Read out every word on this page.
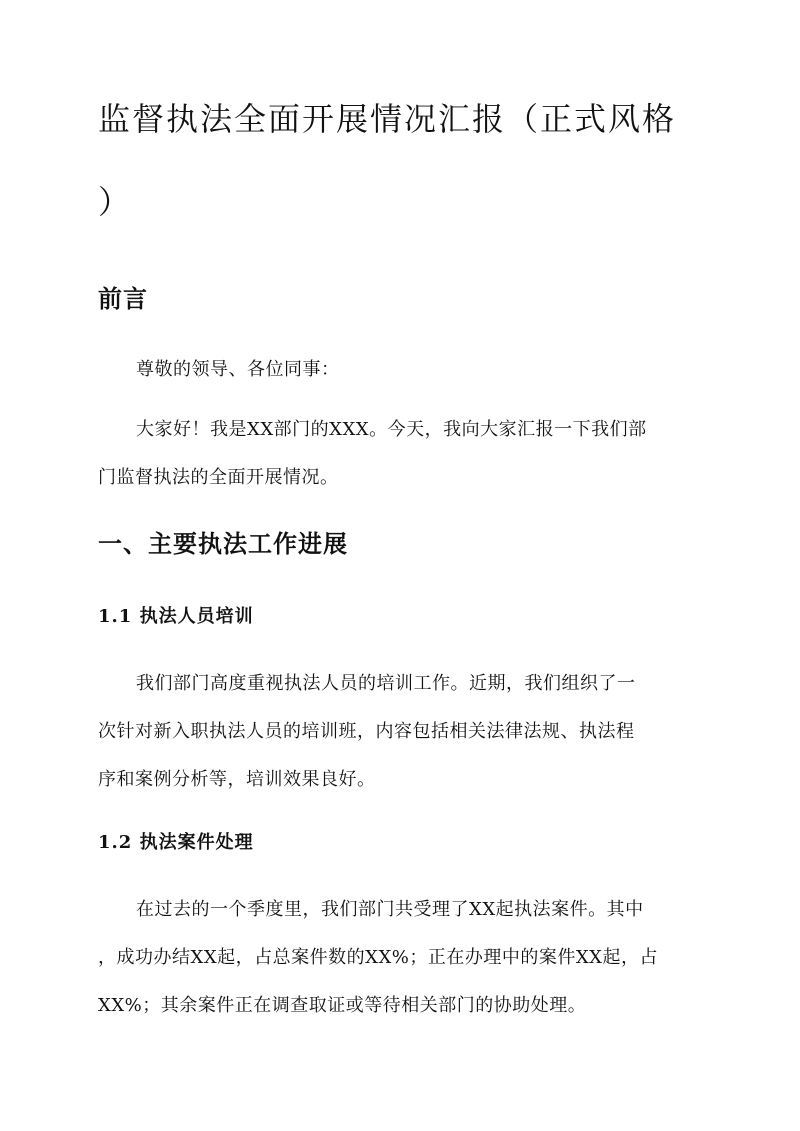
监督执法全面开展情况汇报（正式风格
）
前言

尊敬的领导、各位同事：

大家好！我是XX部门的XXX。今天，我向大家汇报一下我们部

门监督执法的全面开展情况。

一、主要执法工作进展
1.1 执法人员培训

我们部门高度重视执法人员的培训工作。近期，我们组织了一

次针对新入职执法人员的培训班，内容包括相关法律法规、执法程

序和案例分析等，培训效果良好。

1.2 执法案件处理

在过去的一个季度里，我们部门共受理了XX起执法案件。其中

，成功办结XX起，占总案件数的XX%；正在办理中的案件XX起，占

XX%；其余案件正在调查取证或等待相关部门的协助处理。
